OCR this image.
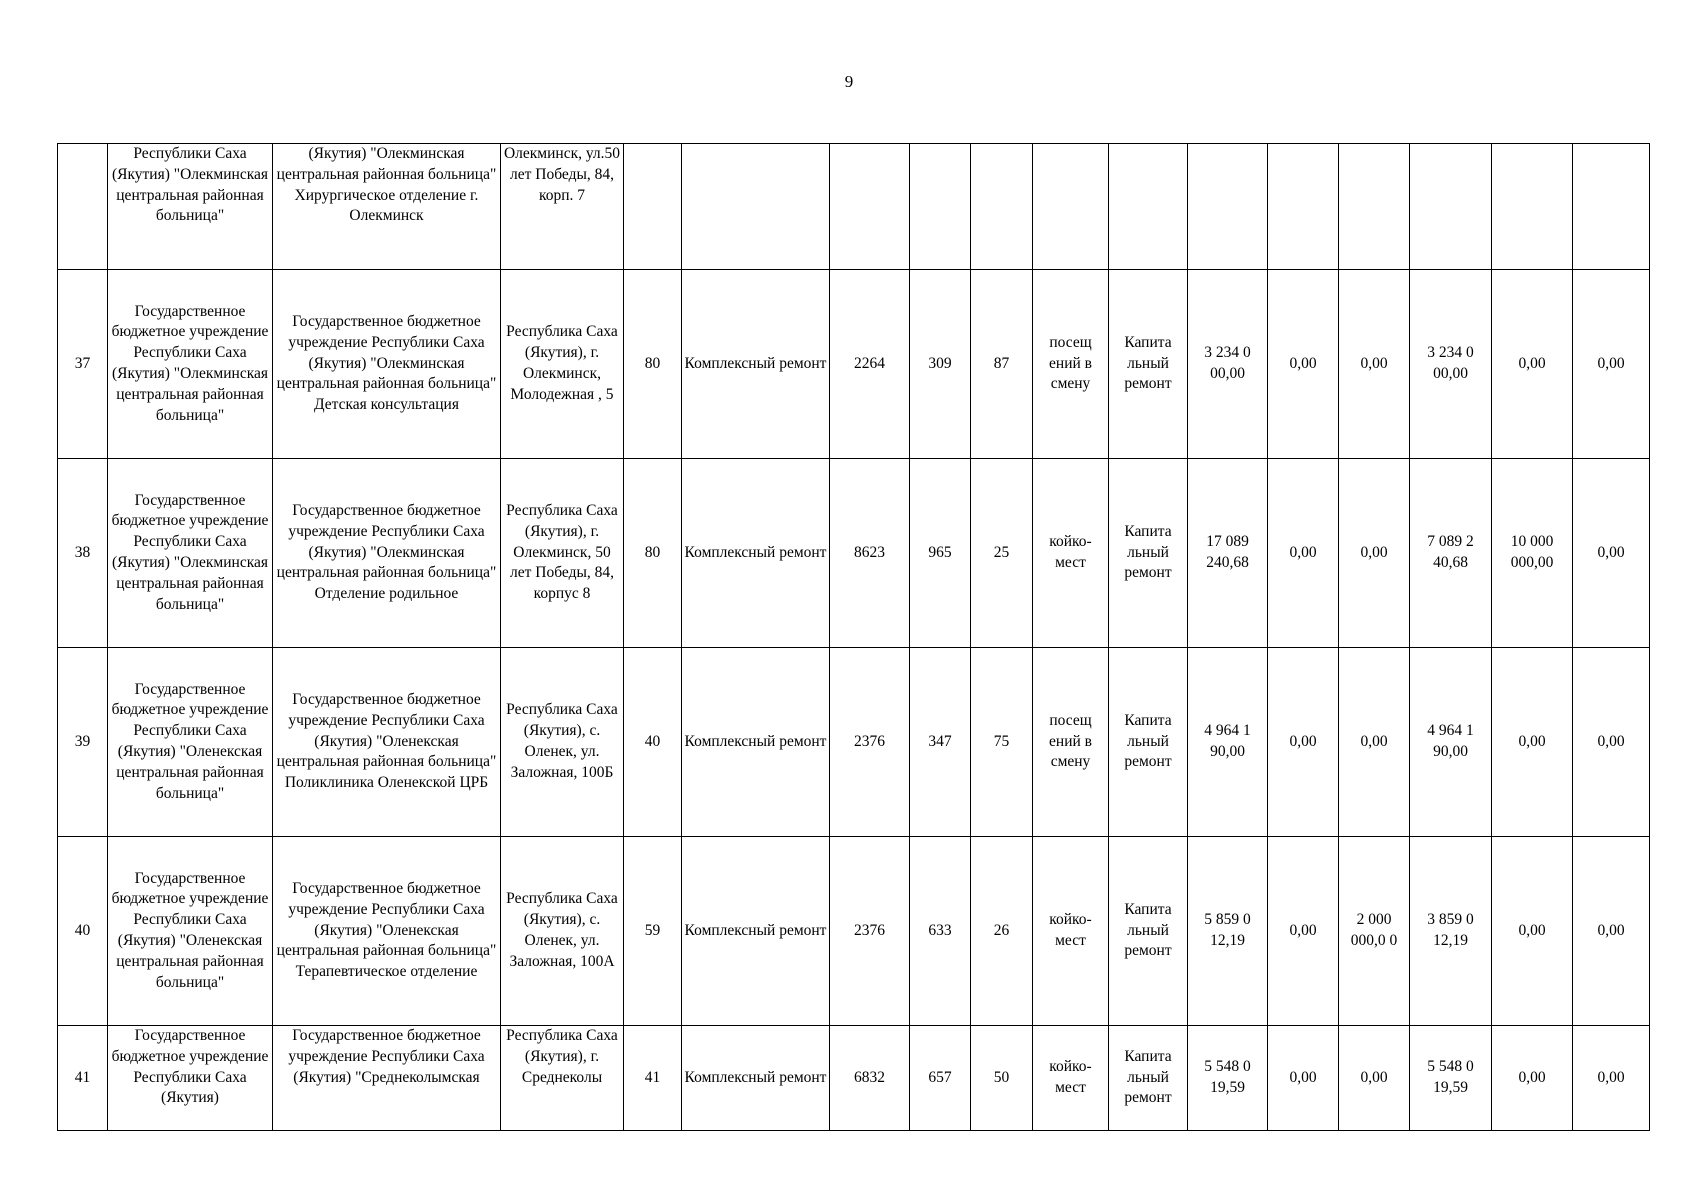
9
	Республики Саха (Якутия) "Олекминская центральная районная больница"	(Якутия) "Олекминская центральная районная больница" Хирургическое отделение г. Олекминск	Олекминск, ул.50 лет Победы, 84, корп. 7													
37	Государственное бюджетное учреждение Республики Саха (Якутия) "Олекминская центральная районная больница"	Государственное бюджетное учреждение Республики Саха (Якутия) "Олекминская центральная районная больница" Детская консультация	Республика Саха (Якутия), г. Олекминск, Молодежная , 5	80	Комплексный ремонт	2264	309	87	посещ ений в смену	Капита льный ремонт	3 234 0 00,00	0,00	0,00	3 234 0 00,00	0,00	0,00
38	Государственное бюджетное учреждение Республики Саха (Якутия) "Олекминская центральная районная больница"	Государственное бюджетное учреждение Республики Саха (Якутия) "Олекминская центральная районная больница" Отделение родильное	Республика Саха (Якутия), г. Олекминск, 50 лет Победы, 84, корпус 8	80	Комплексный ремонт	8623	965	25	койко-мест	Капита льный ремонт	17 089 240,68	0,00	0,00	7 089 2 40,68	10 000 000,00	0,00
39	Государственное бюджетное учреждение Республики Саха (Якутия) "Оленекская центральная районная больница"	Государственное бюджетное учреждение Республики Саха (Якутия) "Оленекская центральная районная больница" Поликлиника Оленекской ЦРБ	Республика Саха (Якутия), с. Оленек, ул. Заложная, 100Б	40	Комплексный ремонт	2376	347	75	посещ ений в смену	Капита льный ремонт	4 964 1 90,00	0,00	0,00	4 964 1 90,00	0,00	0,00
40	Государственное бюджетное учреждение Республики Саха (Якутия) "Оленекская центральная районная больница"	Государственное бюджетное учреждение Республики Саха (Якутия) "Оленекская центральная районная больница" Терапевтическое отделение	Республика Саха (Якутия), с. Оленек, ул. Заложная, 100А	59	Комплексный ремонт	2376	633	26	койко-мест	Капита льный ремонт	5 859 0 12,19	0,00	2 000 000,0 0	3 859 0 12,19	0,00	0,00
41	Государственное бюджетное учреждение Республики Саха (Якутия)	Государственное бюджетное учреждение Республики Саха (Якутия) "Среднеколымская	Республика Саха (Якутия), г. Среднеколы	41	Комплексный ремонт	6832	657	50	койко-мест	Капита льный ремонт	5 548 0 19,59	0,00	0,00	5 548 0 19,59	0,00	0,00
